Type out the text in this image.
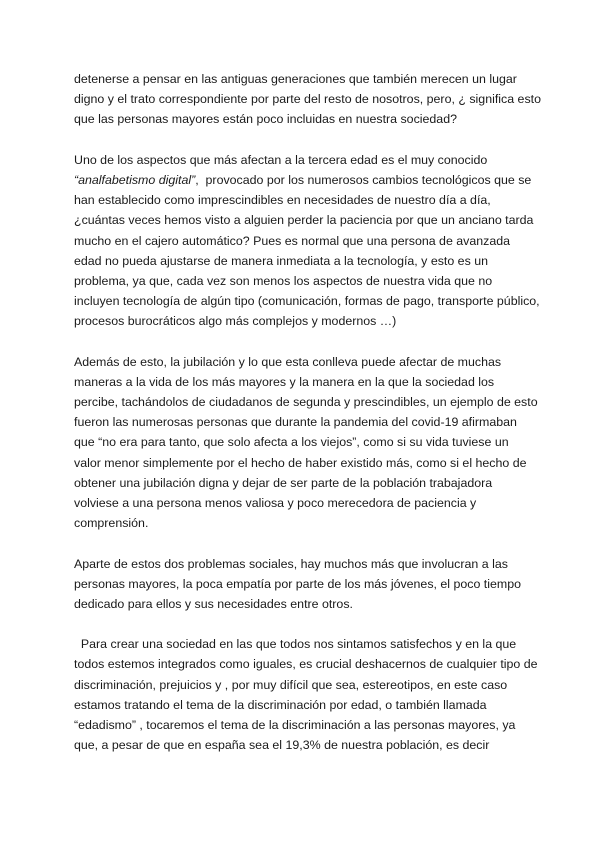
detenerse a pensar en las antiguas generaciones que también merecen un lugar
digno y el trato correspondiente por parte del resto de nosotros, pero, ¿ significa esto
que las personas mayores están poco incluidas en nuestra sociedad?
Uno de los aspectos que más afectan a la tercera edad es el muy conocido
“analfabetismo digital”,  provocado por los numerosos cambios tecnológicos que se
han establecido como imprescindibles en necesidades de nuestro día a día,
¿cuántas veces hemos visto a alguien perder la paciencia por que un anciano tarda
mucho en el cajero automático? Pues es normal que una persona de avanzada
edad no pueda ajustarse de manera inmediata a la tecnología, y esto es un
problema, ya que, cada vez son menos los aspectos de nuestra vida que no
incluyen tecnología de algún tipo (comunicación, formas de pago, transporte público,
procesos burocráticos algo más complejos y modernos …)
Además de esto, la jubilación y lo que esta conlleva puede afectar de muchas
maneras a la vida de los más mayores y la manera en la que la sociedad los
percibe, tachándolos de ciudadanos de segunda y prescindibles, un ejemplo de esto
fueron las numerosas personas que durante la pandemia del covid-19 afirmaban
que “no era para tanto, que solo afecta a los viejos”, como si su vida tuviese un
valor menor simplemente por el hecho de haber existido más, como si el hecho de
obtener una jubilación digna y dejar de ser parte de la población trabajadora
volviese a una persona menos valiosa y poco merecedora de paciencia y
comprensión.
Aparte de estos dos problemas sociales, hay muchos más que involucran a las
personas mayores, la poca empatía por parte de los más jóvenes, el poco tiempo
dedicado para ellos y sus necesidades entre otros.
Para crear una sociedad en las que todos nos sintamos satisfechos y en la que
todos estemos integrados como iguales, es crucial deshacernos de cualquier tipo de
discriminación, prejuicios y , por muy difícil que sea, estereotipos, en este caso
estamos tratando el tema de la discriminación por edad, o también llamada
“edadismo” , tocaremos el tema de la discriminación a las personas mayores, ya
que, a pesar de que en españa sea el 19,3% de nuestra población, es decir
